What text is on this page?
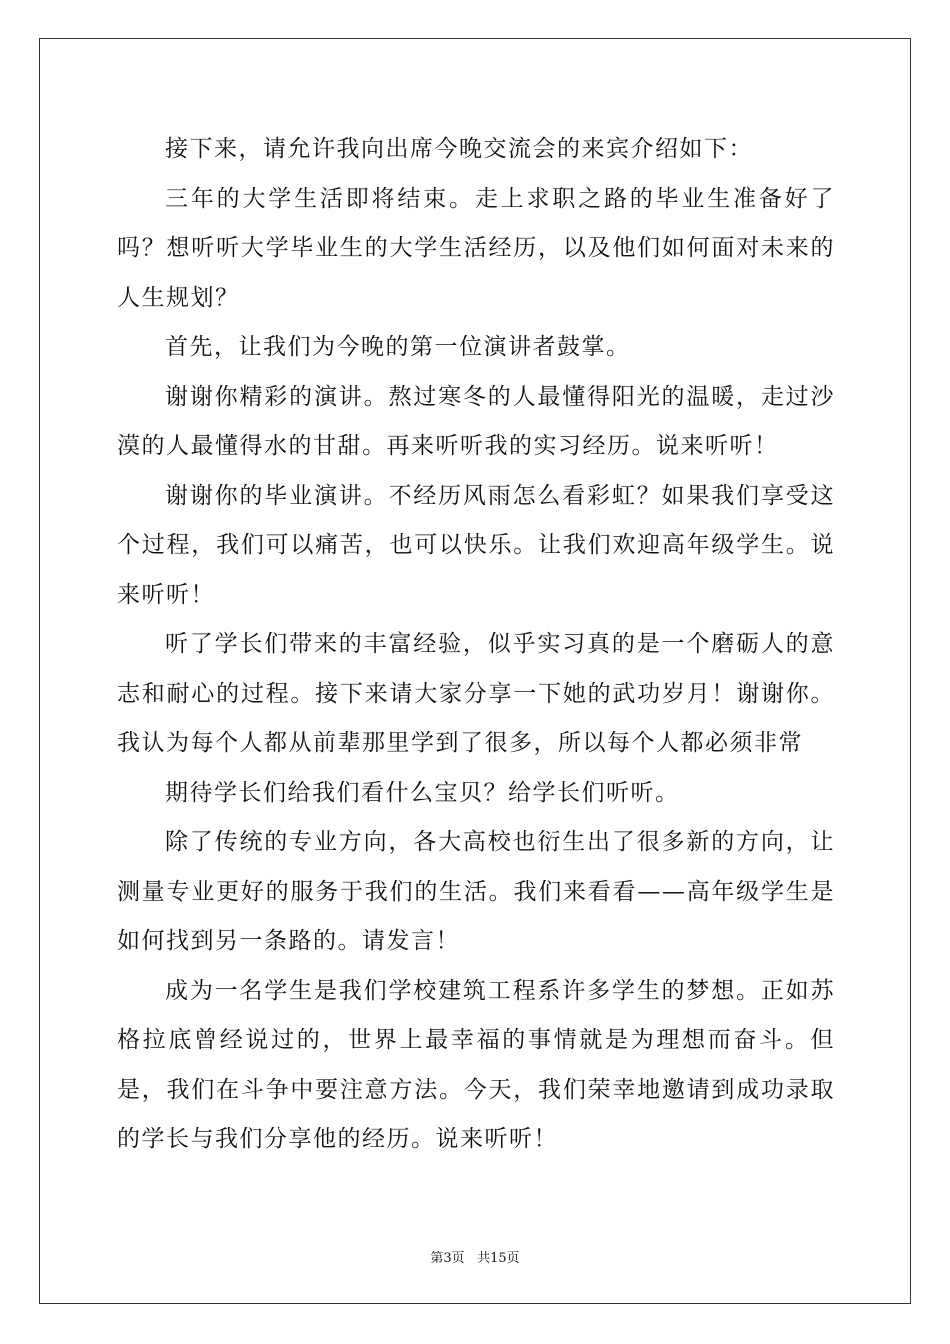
接下来，请允许我向出席今晚交流会的来宾介绍如下：

三年的大学生活即将结束。走上求职之路的毕业生准备好了吗？想听听大学毕业生的大学生活经历，以及他们如何面对未来的人生规划？

首先，让我们为今晚的第一位演讲者鼓掌。

谢谢你精彩的演讲。熬过寒冬的人最懂得阳光的温暖，走过沙漠的人最懂得水的甘甜。再来听听我的实习经历。说来听听！

谢谢你的毕业演讲。不经历风雨怎么看彩虹？如果我们享受这个过程，我们可以痛苦，也可以快乐。让我们欢迎高年级学生。说来听听！

听了学长们带来的丰富经验，似乎实习真的是一个磨砺人的意志和耐心的过程。接下来请大家分享一下她的武功岁月！谢谢你。我认为每个人都从前辈那里学到了很多，所以每个人都必须非常

期待学长们给我们看什么宝贝？给学长们听听。

除了传统的专业方向，各大高校也衍生出了很多新的方向，让测量专业更好的服务于我们的生活。我们来看看——高年级学生是如何找到另一条路的。请发言！

成为一名学生是我们学校建筑工程系许多学生的梦想。正如苏格拉底曾经说过的，世界上最幸福的事情就是为理想而奋斗。但是，我们在斗争中要注意方法。今天，我们荣幸地邀请到成功录取的学长与我们分享他的经历。说来听听！

第3页 共15页
